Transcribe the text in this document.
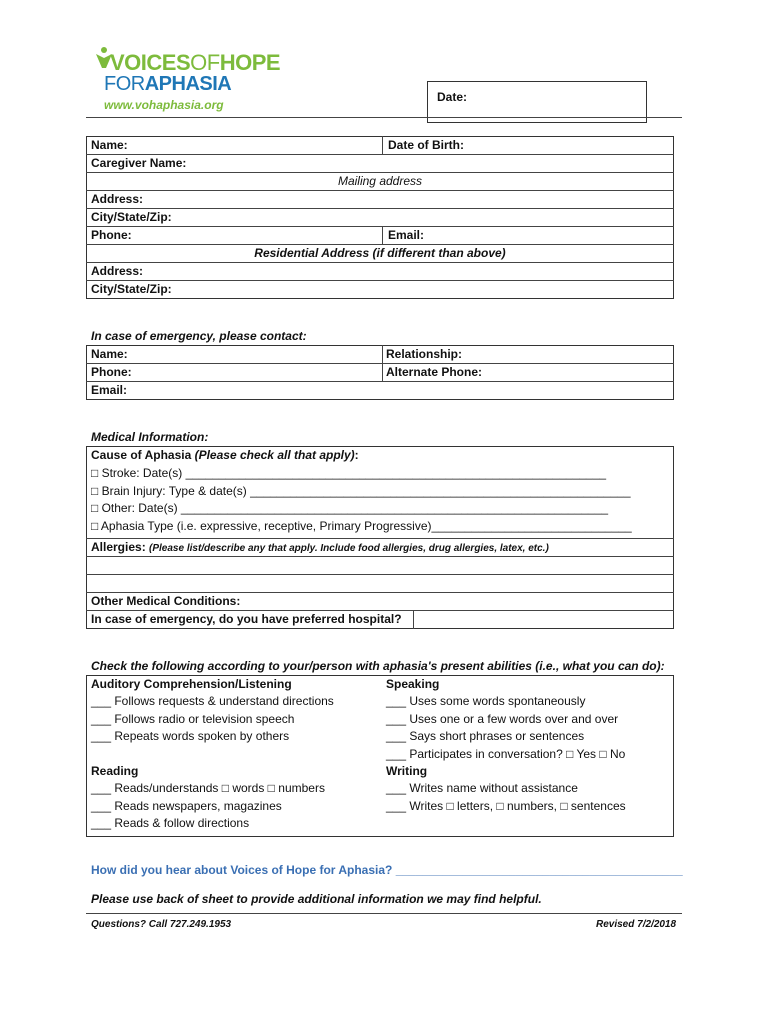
VOICESOFHOPE
FORAPHASIA
www.vohaphasia.org
Date:
Name:	Date of Birth:
Caregiver Name:
Mailing address
Address:
City/State/Zip:
Phone:	Email:
Residential Address (if different than above)
Address:
City/State/Zip:
In case of emergency, please contact:
Name:	Relationship:
Phone:	Alternate Phone:
Email:
Medical Information:
Cause of Aphasia (Please check all that apply):
□ Stroke: Date(s) _______________________________________________________________
□ Brain Injury: Type & date(s) _________________________________________________________
□ Other: Date(s) ________________________________________________________________
□ Aphasia Type (i.e. expressive, receptive, Primary Progressive)______________________________
Allergies: (Please list/describe any that apply. Include food allergies, drug allergies, latex, etc.)
Other Medical Conditions:
In case of emergency, do you have preferred hospital?
Check the following according to your/person with aphasia's present abilities (i.e., what you can do):
Auditory Comprehension/Listening
___ Follows requests & understand directions
___ Follows radio or television speech
___ Repeats words spoken by others
Speaking
___ Uses some words spontaneously
___ Uses one or a few words over and over
___ Says short phrases or sentences
___ Participates in conversation? □ Yes □ No
Reading
___ Reads/understands □ words □ numbers
___ Reads newspapers, magazines
___ Reads & follow directions
Writing
___ Writes name without assistance
___ Writes □ letters, □ numbers, □ sentences
How did you hear about Voices of Hope for Aphasia? ___________________________________________
Please use back of sheet to provide additional information we may find helpful.
Questions? Call 727.249.1953	Revised 7/2/2018
